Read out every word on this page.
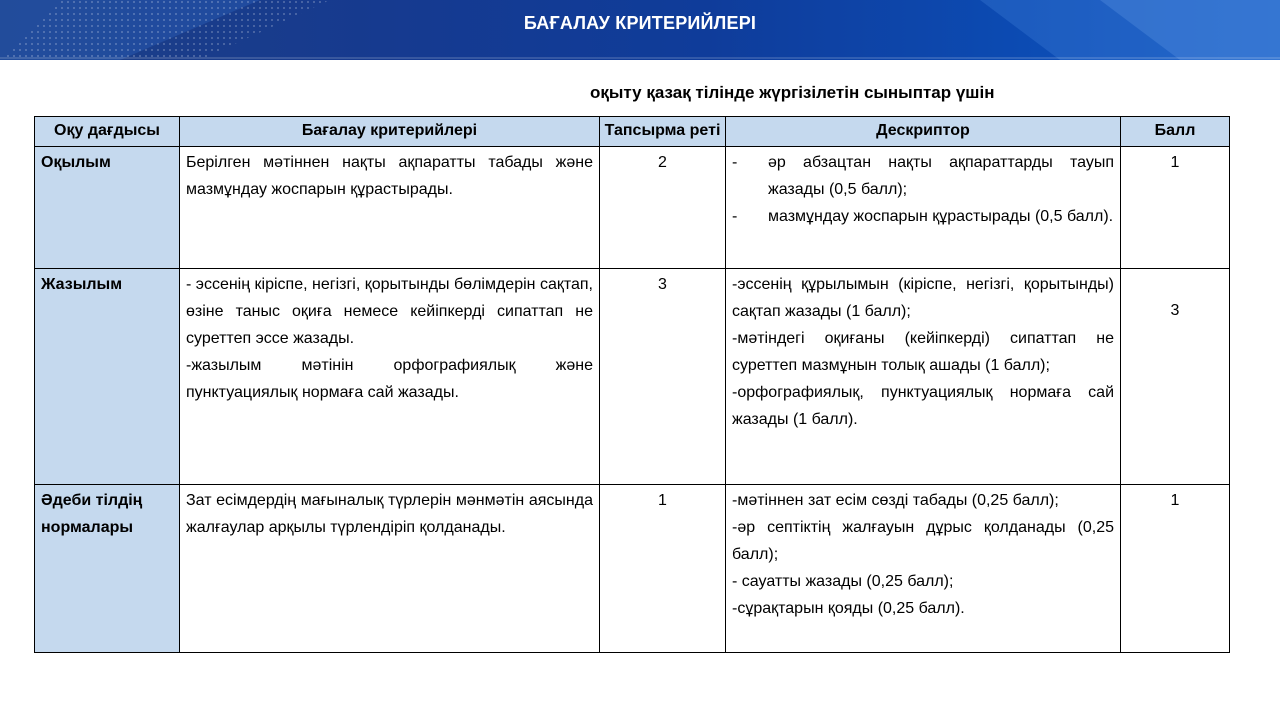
БАҒАЛАУ КРИТЕРИЙЛЕРІ
оқыту қазақ тілінде жүргізілетін сыныптар үшін
Оқу дағдысы	Бағалау критерийлері	Тапсырма реті	Дескриптор	Балл
Оқылым	Берілген мәтіннен нақты ақпаратты табады және мазмұндау жоспарын құрастырады.	2	- әр абзацтан нақты ақпараттарды тауып жазады (0,5 балл);
- мазмұндау жоспарын құрастырады (0,5 балл).	1
Жазылым	- эссенің кіріспе, негізгі, қорытынды бөлімдерін сақтап, өзіне таныс оқиға немесе кейіпкерді сипаттап не суреттеп эссе жазады.
-жазылым мәтінін орфографиялық және пунктуациялық нормаға сай жазады.	3	-эссенің құрылымын (кіріспе, негізгі, қорытынды) сақтап жазады (1 балл);
-мәтіндегі оқиғаны (кейіпкерді) сипаттап не суреттеп мазмұнын толық ашады (1 балл);
-орфографиялық, пунктуациялық нормаға сай жазады (1 балл).	3
Әдеби тілдің нормалары	Зат есімдердің мағыналық түрлерін мәнмәтін аясында жалғаулар арқылы түрлендіріп қолданады.	1	-мәтіннен зат есім сөзді табады (0,25 балл);
-әр септіктің жалғауын дұрыс қолданады (0,25 балл);
- сауатты жазады (0,25 балл);
-сұрақтарын қояды (0,25 балл).	1
